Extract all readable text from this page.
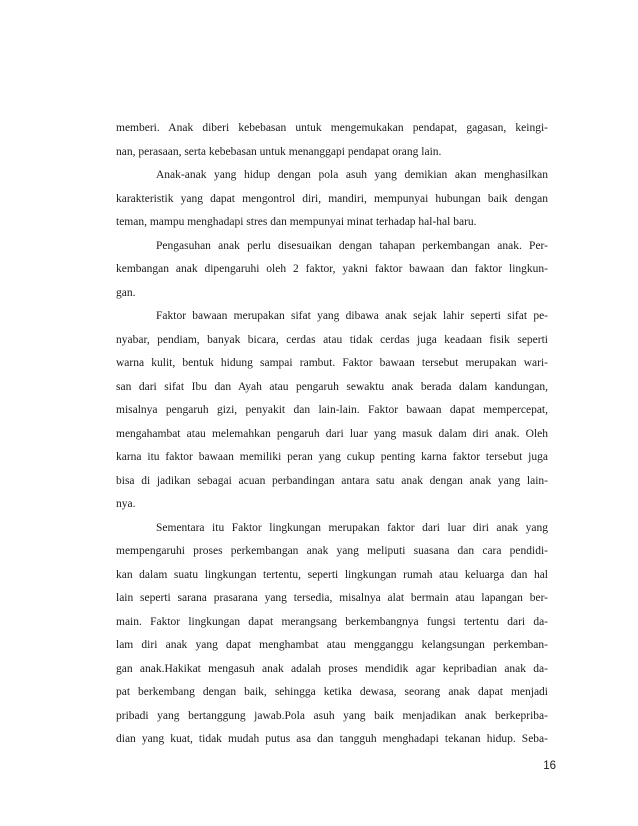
memberi. Anak diberi kebebasan untuk mengemukakan pendapat, gagasan, keingi-
nan, perasaan, serta kebebasan untuk menanggapi pendapat orang lain.
Anak-anak yang hidup dengan pola asuh yang demikian akan menghasilkan
karakteristik yang dapat mengontrol diri, mandiri, mempunyai hubungan baik dengan
teman, mampu menghadapi stres dan mempunyai minat terhadap hal-hal baru.
Pengasuhan anak perlu disesuaikan dengan tahapan perkembangan anak. Per-
kembangan anak dipengaruhi oleh 2 faktor, yakni faktor bawaan dan faktor lingkun-
gan.
Faktor bawaan merupakan sifat yang dibawa anak sejak lahir seperti sifat pe-
nyabar, pendiam, banyak bicara, cerdas atau tidak cerdas juga keadaan fisik seperti
warna kulit, bentuk hidung sampai rambut. Faktor bawaan tersebut merupakan wari-
san dari sifat Ibu dan Ayah atau pengaruh sewaktu anak berada dalam kandungan,
misalnya pengaruh gizi, penyakit dan lain-lain. Faktor bawaan dapat mempercepat,
mengahambat atau melemahkan pengaruh dari luar yang masuk dalam diri anak. Oleh
karna itu faktor bawaan memiliki peran yang cukup penting karna faktor tersebut juga
bisa di jadikan sebagai acuan perbandingan antara satu anak dengan anak yang lain-
nya.
Sementara itu Faktor lingkungan merupakan faktor dari luar diri anak yang
mempengaruhi proses perkembangan anak yang meliputi suasana dan cara pendidi-
kan dalam suatu lingkungan tertentu, seperti lingkungan rumah atau keluarga dan hal
lain seperti sarana prasarana yang tersedia, misalnya alat bermain atau lapangan ber-
main. Faktor lingkungan dapat merangsang berkembangnya fungsi tertentu dari da-
lam diri anak yang dapat menghambat atau mengganggu kelangsungan perkemban-
gan anak.Hakikat mengasuh anak adalah proses mendidik agar kepribadian anak da-
pat berkembang dengan baik, sehingga ketika dewasa, seorang anak dapat menjadi
pribadi yang bertanggung jawab.Pola asuh yang baik menjadikan anak berkepriba-
dian yang kuat, tidak mudah putus asa dan tangguh menghadapi tekanan hidup. Seba-
16
